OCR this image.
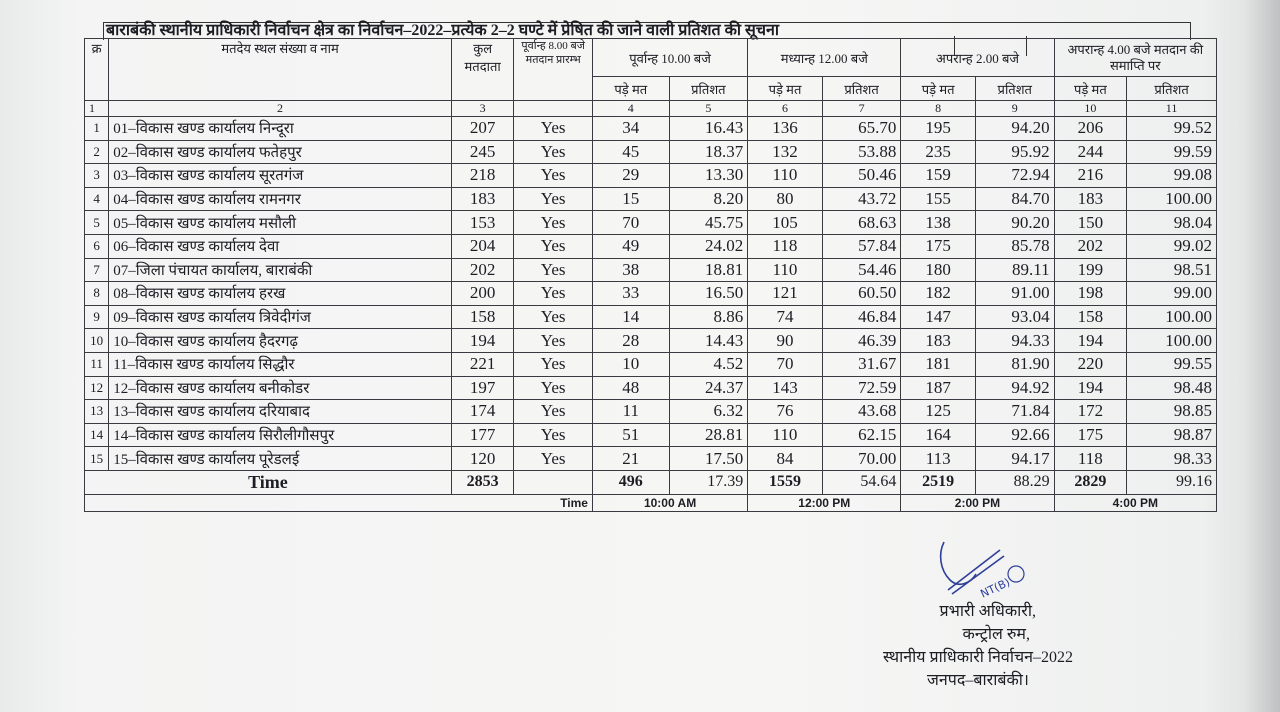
बाराबंकी स्थानीय प्राधिकारी निर्वाचन क्षेत्र का निर्वाचन–2022–प्रत्येक 2–2 घण्टे में प्रेषित की जाने वाली प्रतिशत की सूचना
क्र	मतदेय स्थल संख्या व नाम	कुल मतदाता	पूर्वान्ह 8.00 बजे मतदान प्रारम्भ	पूर्वान्ह 10.00 बजे		मध्यान्ह 12.00 बजे		अपरान्ह 2.00 बजे		अपरान्ह 4.00 बजे मतदान की समाप्ति पर	
				पड़े मत	प्रतिशत	पड़े मत	प्रतिशत	पड़े मत	प्रतिशत	पड़े मत	प्रतिशत
1	2	3		4	5	6	7	8	9	10	11
1	01–विकास खण्ड कार्यालय निन्दूरा	207	Yes	34	16.43	136	65.70	195	94.20	206	99.52
2	02–विकास खण्ड कार्यालय फतेहपुर	245	Yes	45	18.37	132	53.88	235	95.92	244	99.59
3	03–विकास खण्ड कार्यालय सूरतगंज	218	Yes	29	13.30	110	50.46	159	72.94	216	99.08
4	04–विकास खण्ड कार्यालय रामनगर	183	Yes	15	8.20	80	43.72	155	84.70	183	100.00
5	05–विकास खण्ड कार्यालय मसौली	153	Yes	70	45.75	105	68.63	138	90.20	150	98.04
6	06–विकास खण्ड कार्यालय देवा	204	Yes	49	24.02	118	57.84	175	85.78	202	99.02
7	07–जिला पंचायत कार्यालय, बाराबंकी	202	Yes	38	18.81	110	54.46	180	89.11	199	98.51
8	08–विकास खण्ड कार्यालय हरख	200	Yes	33	16.50	121	60.50	182	91.00	198	99.00
9	09–विकास खण्ड कार्यालय त्रिवेदीगंज	158	Yes	14	8.86	74	46.84	147	93.04	158	100.00
10	10–विकास खण्ड कार्यालय हैदरगढ़	194	Yes	28	14.43	90	46.39	183	94.33	194	100.00
11	11–विकास खण्ड कार्यालय सिद्धौर	221	Yes	10	4.52	70	31.67	181	81.90	220	99.55
12	12–विकास खण्ड कार्यालय बनीकोडर	197	Yes	48	24.37	143	72.59	187	94.92	194	98.48
13	13–विकास खण्ड कार्यालय दरियाबाद	174	Yes	11	6.32	76	43.68	125	71.84	172	98.85
14	14–विकास खण्ड कार्यालय सिरौलीगौसपुर	177	Yes	51	28.81	110	62.15	164	92.66	175	98.87
15	15–विकास खण्ड कार्यालय पूरेडलई	120	Yes	21	17.50	84	70.00	113	94.17	118	98.33
Time		2853		496	17.39	1559	54.64	2519	88.29	2829	99.16
Time				10:00 AM		12:00 PM		2:00 PM		4:00 PM	
NT(B)
प्रभारी अधिकारी,
कन्ट्रोल रुम,
स्थानीय प्राधिकारी निर्वाचन–2022
जनपद–बाराबंकी।
